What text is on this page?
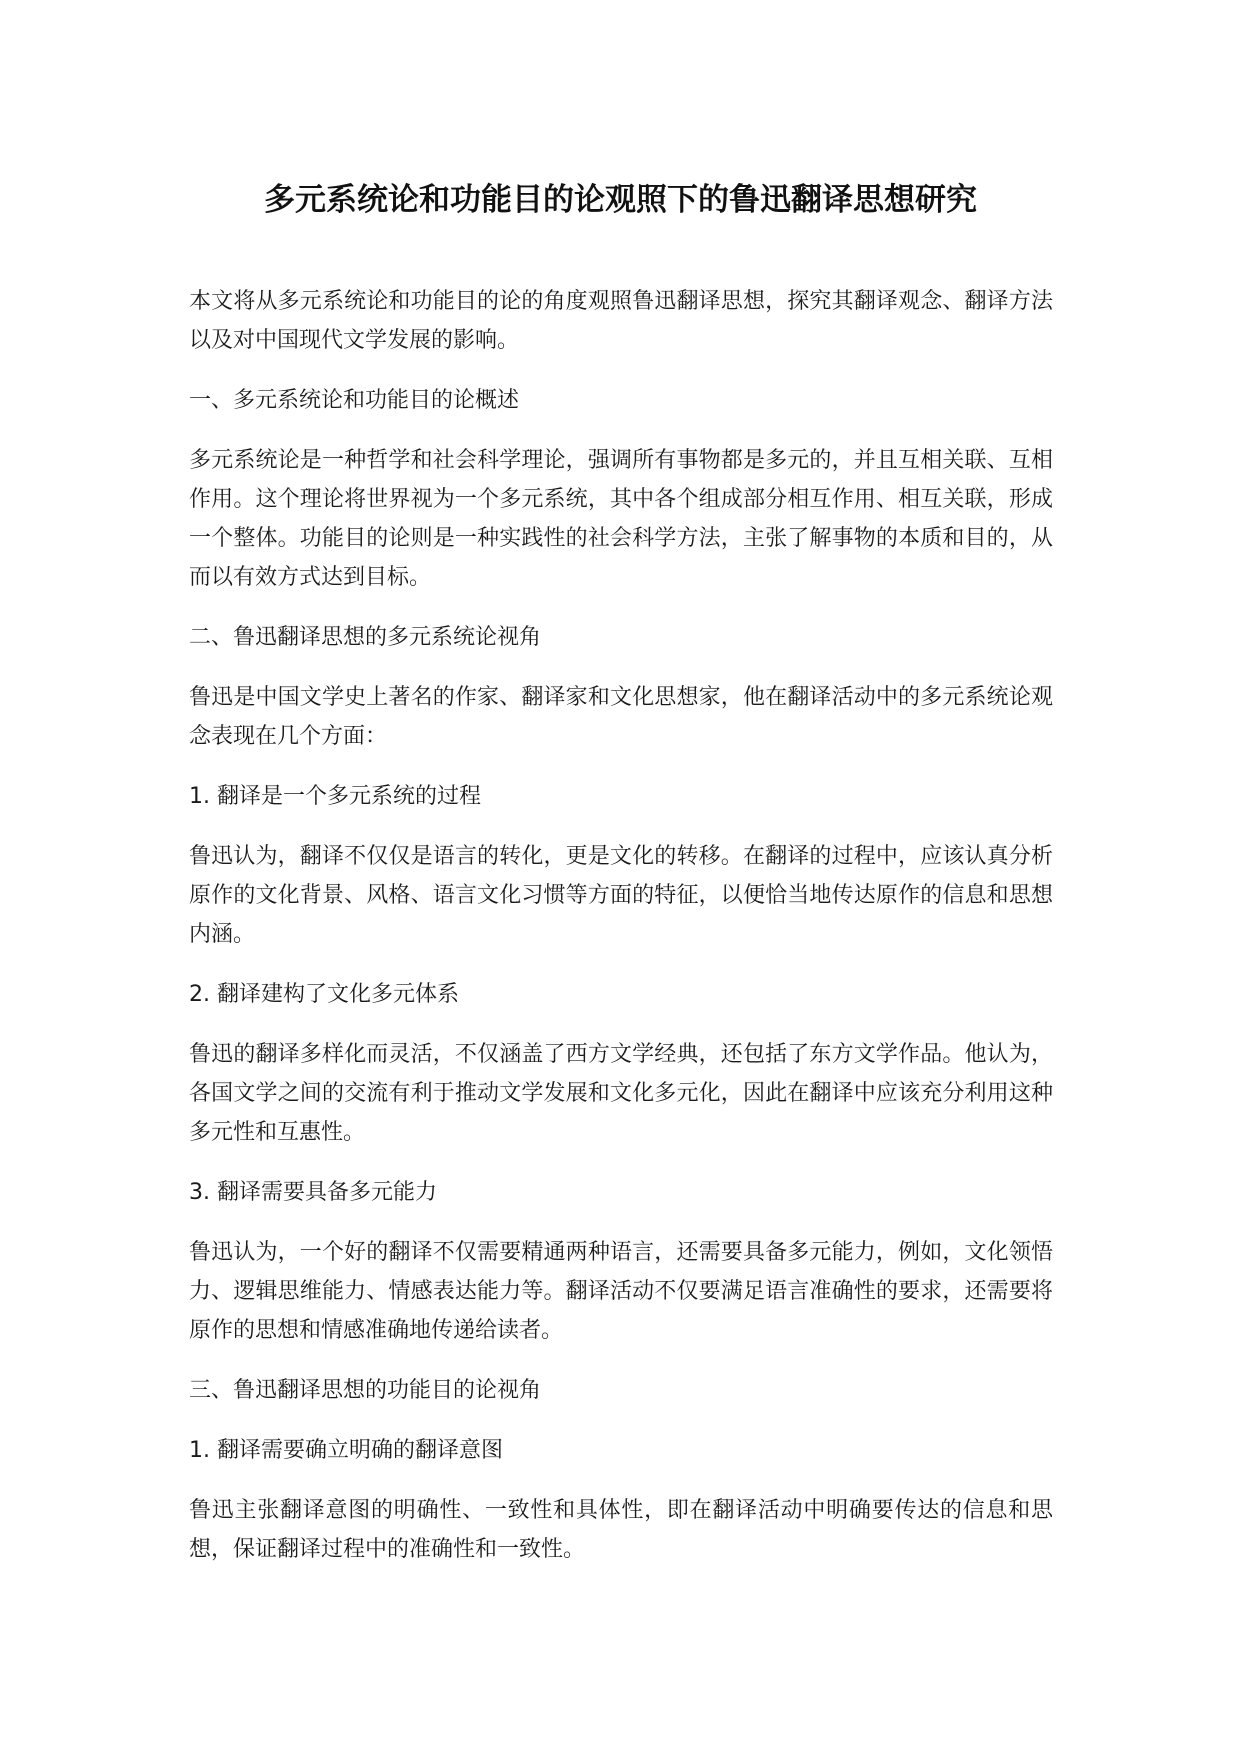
多元系统论和功能目的论观照下的鲁迅翻译思想研究

本文将从多元系统论和功能目的论的角度观照鲁迅翻译思想，探究其翻译观念、翻译方法以及对中国现代文学发展的影响。

一、多元系统论和功能目的论概述

多元系统论是一种哲学和社会科学理论，强调所有事物都是多元的，并且互相关联、互相作用。这个理论将世界视为一个多元系统，其中各个组成部分相互作用、相互关联，形成一个整体。功能目的论则是一种实践性的社会科学方法，主张了解事物的本质和目的，从而以有效方式达到目标。

二、鲁迅翻译思想的多元系统论视角

鲁迅是中国文学史上著名的作家、翻译家和文化思想家，他在翻译活动中的多元系统论观念表现在几个方面：

1. 翻译是一个多元系统的过程

鲁迅认为，翻译不仅仅是语言的转化，更是文化的转移。在翻译的过程中，应该认真分析原作的文化背景、风格、语言文化习惯等方面的特征，以便恰当地传达原作的信息和思想内涵。

2. 翻译建构了文化多元体系

鲁迅的翻译多样化而灵活，不仅涵盖了西方文学经典，还包括了东方文学作品。他认为，各国文学之间的交流有利于推动文学发展和文化多元化，因此在翻译中应该充分利用这种多元性和互惠性。

3. 翻译需要具备多元能力

鲁迅认为，一个好的翻译不仅需要精通两种语言，还需要具备多元能力，例如，文化领悟力、逻辑思维能力、情感表达能力等。翻译活动不仅要满足语言准确性的要求，还需要将原作的思想和情感准确地传递给读者。

三、鲁迅翻译思想的功能目的论视角

1. 翻译需要确立明确的翻译意图

鲁迅主张翻译意图的明确性、一致性和具体性，即在翻译活动中明确要传达的信息和思想，保证翻译过程中的准确性和一致性。
